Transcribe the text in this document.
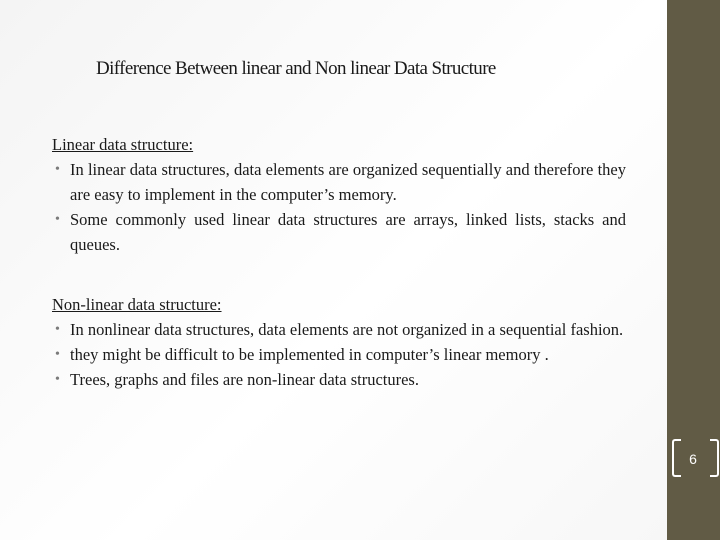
Difference Between linear and Non linear Data Structure
Linear data structure:
• In linear data structures, data elements are organized sequentially and therefore they are easy to implement in the computer’s memory.
• Some commonly used linear data structures are arrays, linked lists, stacks and queues.
Non-linear data structure:
• In nonlinear data structures, data elements are not organized in a sequential fashion.
• they might be difficult to be implemented in computer’s linear memory .
• Trees, graphs and files are non-linear data structures.
6
